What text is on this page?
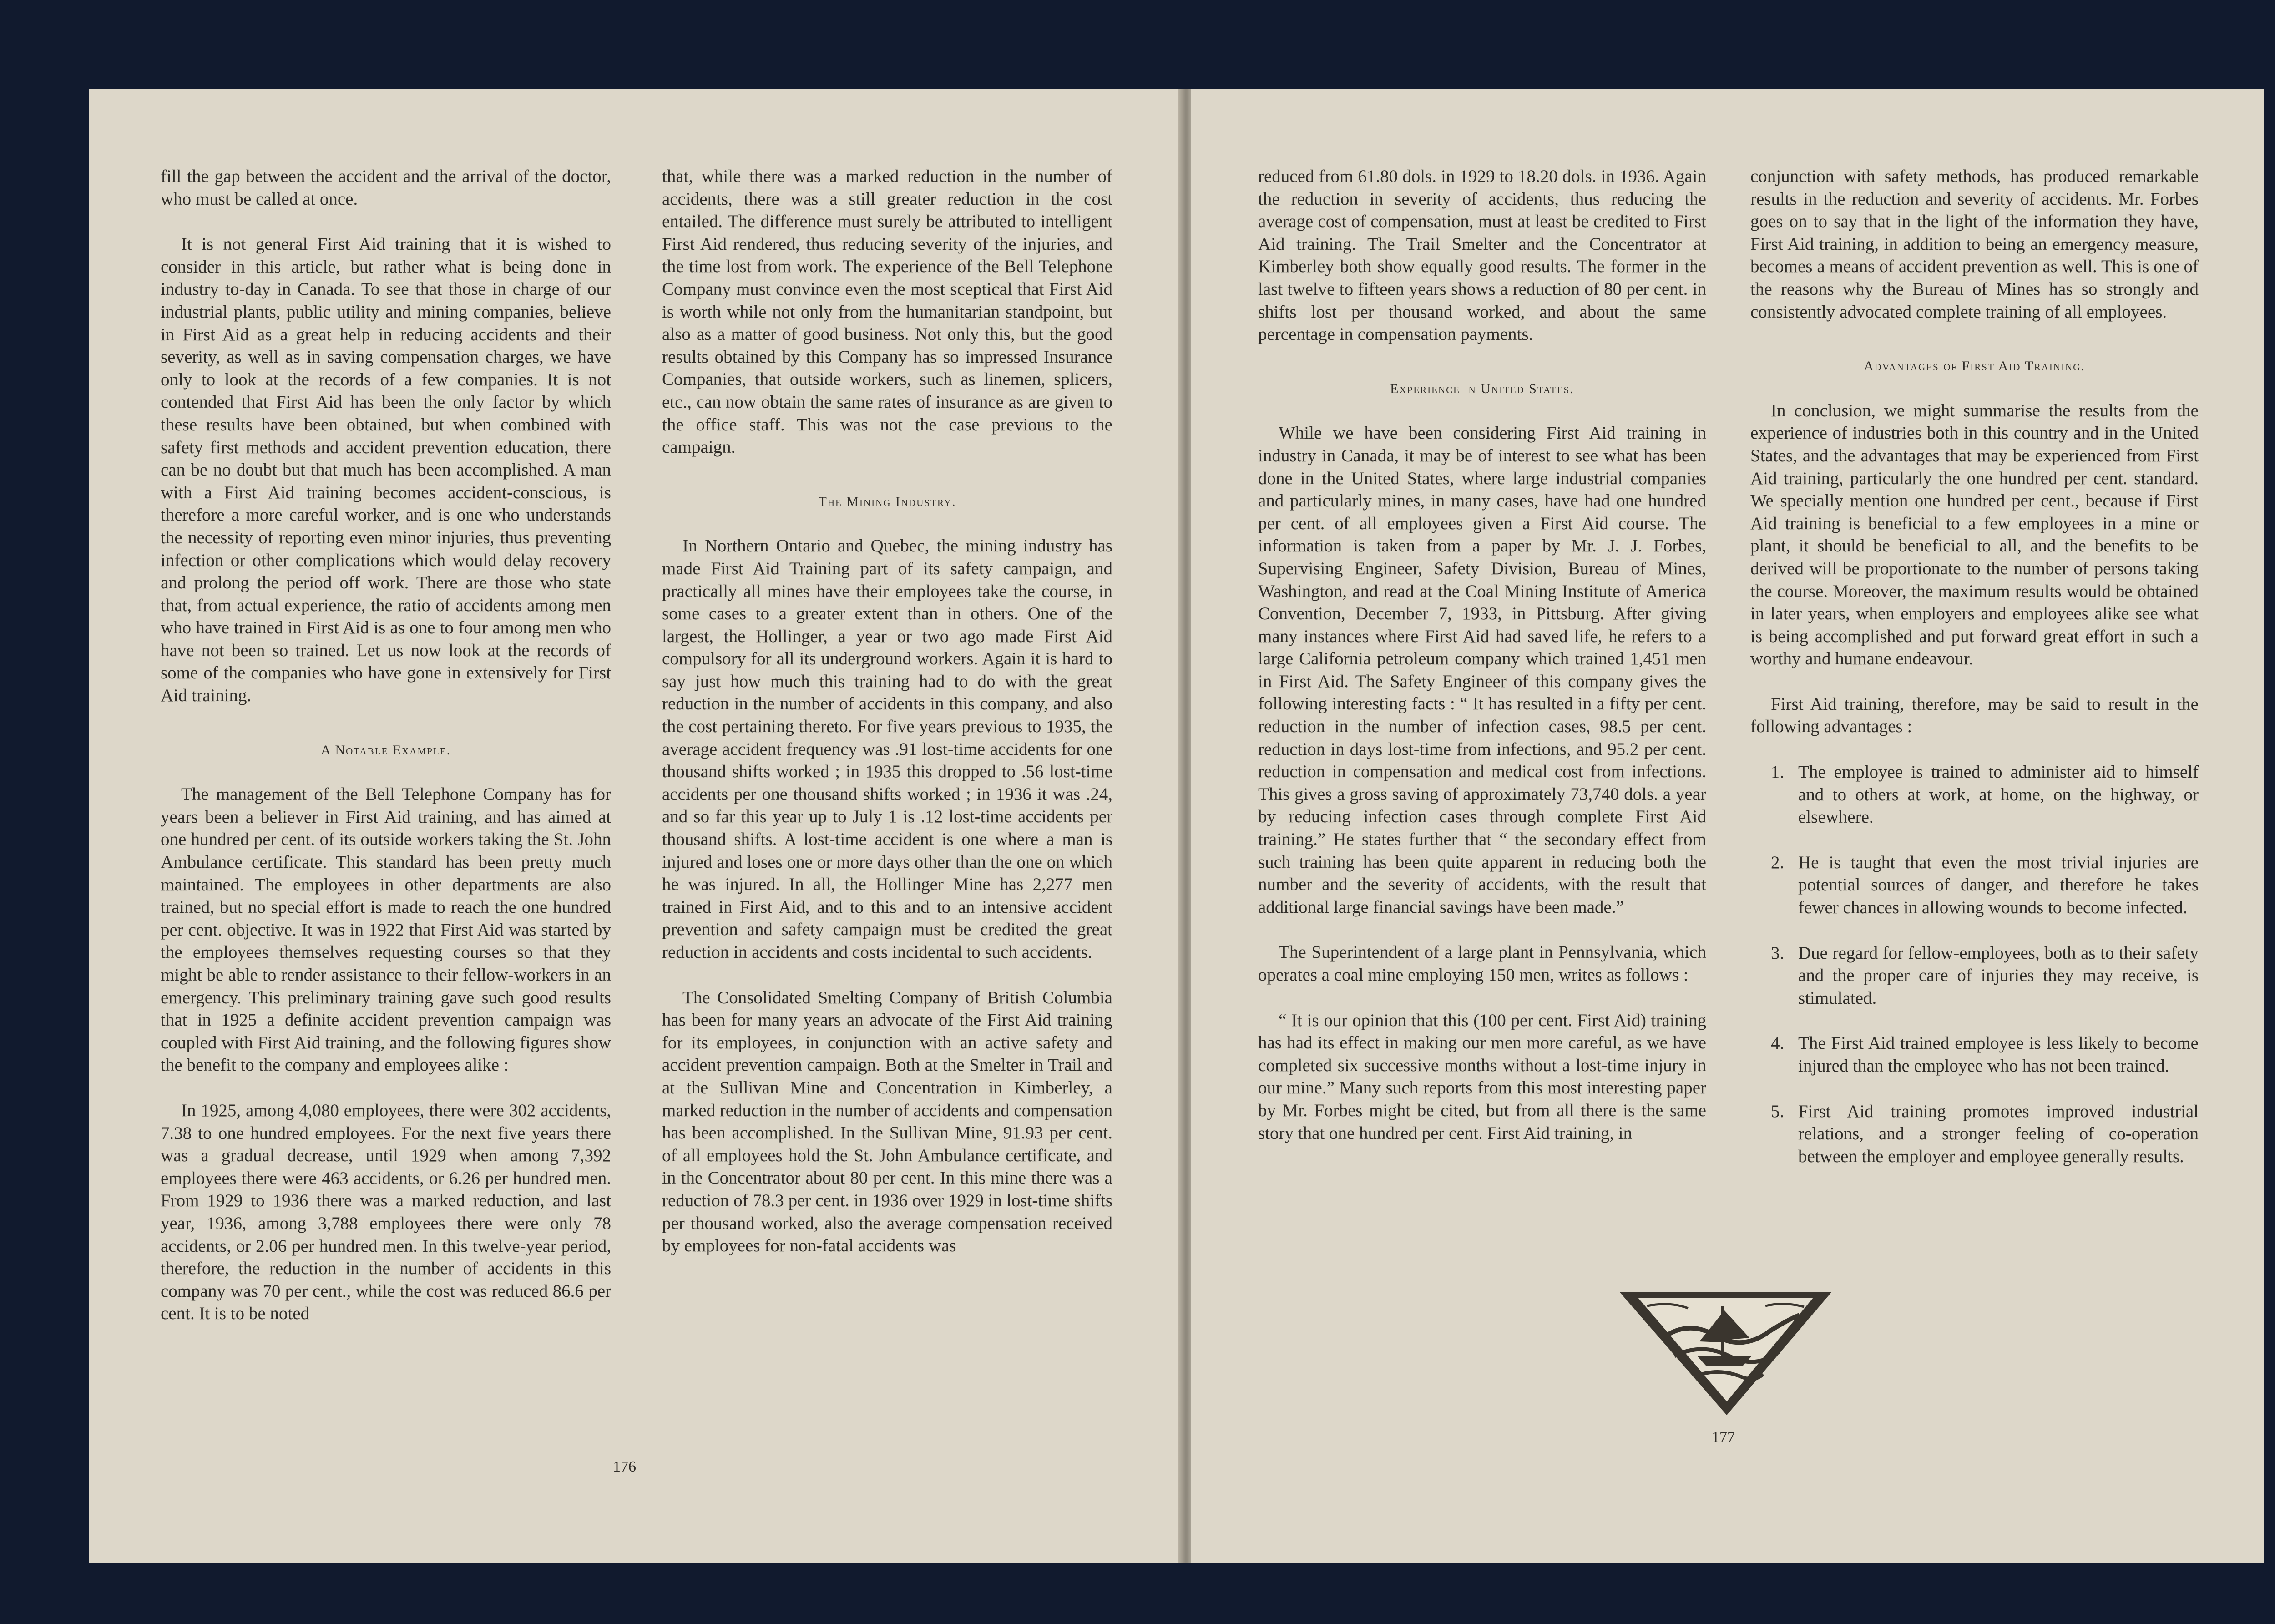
fill the gap between the accident and the arrival of the doctor, who must be called at once.

It is not general First Aid training that it is wished to consider in this article, but rather what is being done in industry to-day in Canada. To see that those in charge of our industrial plants, public utility and mining companies, believe in First Aid as a great help in reducing accidents and their severity, as well as in saving compensation charges, we have only to look at the records of a few companies. It is not contended that First Aid has been the only factor by which these results have been obtained, but when combined with safety first methods and accident prevention education, there can be no doubt but that much has been accomplished. A man with a First Aid training becomes accident-conscious, is therefore a more careful worker, and is one who understands the necessity of reporting even minor injuries, thus preventing infection or other complications which would delay recovery and prolong the period off work. There are those who state that, from actual experience, the ratio of accidents among men who have trained in First Aid is as one to four among men who have not been so trained. Let us now look at the records of some of the companies who have gone in extensively for First Aid training.

A Notable Example.

The management of the Bell Telephone Company has for years been a believer in First Aid training, and has aimed at one hundred per cent. of its outside workers taking the St. John Ambulance certificate. This standard has been pretty much maintained. The employees in other departments are also trained, but no special effort is made to reach the one hundred per cent. objective. It was in 1922 that First Aid was started by the employees themselves requesting courses so that they might be able to render assistance to their fellow-workers in an emergency. This preliminary training gave such good results that in 1925 a definite accident prevention campaign was coupled with First Aid training, and the following figures show the benefit to the company and employees alike :

In 1925, among 4,080 employees, there were 302 accidents, 7.38 to one hundred employees. For the next five years there was a gradual decrease, until 1929 when among 7,392 employees there were 463 accidents, or 6.26 per hundred men. From 1929 to 1936 there was a marked reduction, and last year, 1936, among 3,788 employees there were only 78 accidents, or 2.06 per hundred men. In this twelve-year period, therefore, the reduction in the number of accidents in this company was 70 per cent., while the cost was reduced 86.6 per cent. It is to be noted

that, while there was a marked reduction in the number of accidents, there was a still greater reduction in the cost entailed. The difference must surely be attributed to intelligent First Aid rendered, thus reducing severity of the injuries, and the time lost from work. The experience of the Bell Telephone Company must convince even the most sceptical that First Aid is worth while not only from the humanitarian standpoint, but also as a matter of good business. Not only this, but the good results obtained by this Company has so impressed Insurance Companies, that outside workers, such as linemen, splicers, etc., can now obtain the same rates of insurance as are given to the office staff. This was not the case previous to the campaign.

The Mining Industry.

In Northern Ontario and Quebec, the mining industry has made First Aid Training part of its safety campaign, and practically all mines have their employees take the course, in some cases to a greater extent than in others. One of the largest, the Hollinger, a year or two ago made First Aid compulsory for all its underground workers. Again it is hard to say just how much this training had to do with the great reduction in the number of accidents in this company, and also the cost pertaining thereto. For five years previous to 1935, the average accident frequency was .91 lost-time accidents for one thousand shifts worked ; in 1935 this dropped to .56 lost-time accidents per one thousand shifts worked ; in 1936 it was .24, and so far this year up to July 1 is .12 lost-time accidents per thousand shifts. A lost-time accident is one where a man is injured and loses one or more days other than the one on which he was injured. In all, the Hollinger Mine has 2,277 men trained in First Aid, and to this and to an intensive accident prevention and safety campaign must be credited the great reduction in accidents and costs incidental to such accidents.

The Consolidated Smelting Company of British Columbia has been for many years an advocate of the First Aid training for its employees, in conjunction with an active safety and accident prevention campaign. Both at the Smelter in Trail and at the Sullivan Mine and Concentration in Kimberley, a marked reduction in the number of accidents and compensation has been accomplished. In the Sullivan Mine, 91.93 per cent. of all employees hold the St. John Ambulance certificate, and in the Concentrator about 80 per cent. In this mine there was a reduction of 78.3 per cent. in 1936 over 1929 in lost-time shifts per thousand worked, also the average compensation received by employees for non-fatal accidents was

176

reduced from 61.80 dols. in 1929 to 18.20 dols. in 1936. Again the reduction in severity of accidents, thus reducing the average cost of compensation, must at least be credited to First Aid training. The Trail Smelter and the Concentrator at Kimberley both show equally good results. The former in the last twelve to fifteen years shows a reduction of 80 per cent. in shifts lost per thousand worked, and about the same percentage in compensation payments.

Experience in United States.

While we have been considering First Aid training in industry in Canada, it may be of interest to see what has been done in the United States, where large industrial companies and particularly mines, in many cases, have had one hundred per cent. of all employees given a First Aid course. The information is taken from a paper by Mr. J. J. Forbes, Supervising Engineer, Safety Division, Bureau of Mines, Washington, and read at the Coal Mining Institute of America Convention, December 7, 1933, in Pittsburg. After giving many instances where First Aid had saved life, he refers to a large California petroleum company which trained 1,451 men in First Aid. The Safety Engineer of this company gives the following interesting facts : “ It has resulted in a fifty per cent. reduction in the number of infection cases, 98.5 per cent. reduction in days lost-time from infections, and 95.2 per cent. reduction in compensation and medical cost from infections. This gives a gross saving of approximately 73,740 dols. a year by reducing infection cases through complete First Aid training.” He states further that “ the secondary effect from such training has been quite apparent in reducing both the number and the severity of accidents, with the result that additional large financial savings have been made.”

The Superintendent of a large plant in Pennsylvania, which operates a coal mine employing 150 men, writes as follows :

“ It is our opinion that this (100 per cent. First Aid) training has had its effect in making our men more careful, as we have completed six successive months without a lost-time injury in our mine.” Many such reports from this most interesting paper by Mr. Forbes might be cited, but from all there is the same story that one hundred per cent. First Aid training, in

conjunction with safety methods, has produced remarkable results in the reduction and severity of accidents. Mr. Forbes goes on to say that in the light of the information they have, First Aid training, in addition to being an emergency measure, becomes a means of accident prevention as well. This is one of the reasons why the Bureau of Mines has so strongly and consistently advocated complete training of all employees.

Advantages of First Aid Training.

In conclusion, we might summarise the results from the experience of industries both in this country and in the United States, and the advantages that may be experienced from First Aid training, particularly the one hundred per cent. standard. We specially mention one hundred per cent., because if First Aid training is beneficial to a few employees in a mine or plant, it should be beneficial to all, and the benefits to be derived will be proportionate to the number of persons taking the course. Moreover, the maximum results would be obtained in later years, when employers and employees alike see what is being accomplished and put forward great effort in such a worthy and humane endeavour.

First Aid training, therefore, may be said to result in the following advantages :

1. The employee is trained to administer aid to himself and to others at work, at home, on the highway, or elsewhere.
2. He is taught that even the most trivial injuries are potential sources of danger, and therefore he takes fewer chances in allowing wounds to become infected.
3. Due regard for fellow-employees, both as to their safety and the proper care of injuries they may receive, is stimulated.
4. The First Aid trained employee is less likely to become injured than the employee who has not been trained.
5. First Aid training promotes improved industrial relations, and a stronger feeling of co-operation between the employer and employee generally results.
177
